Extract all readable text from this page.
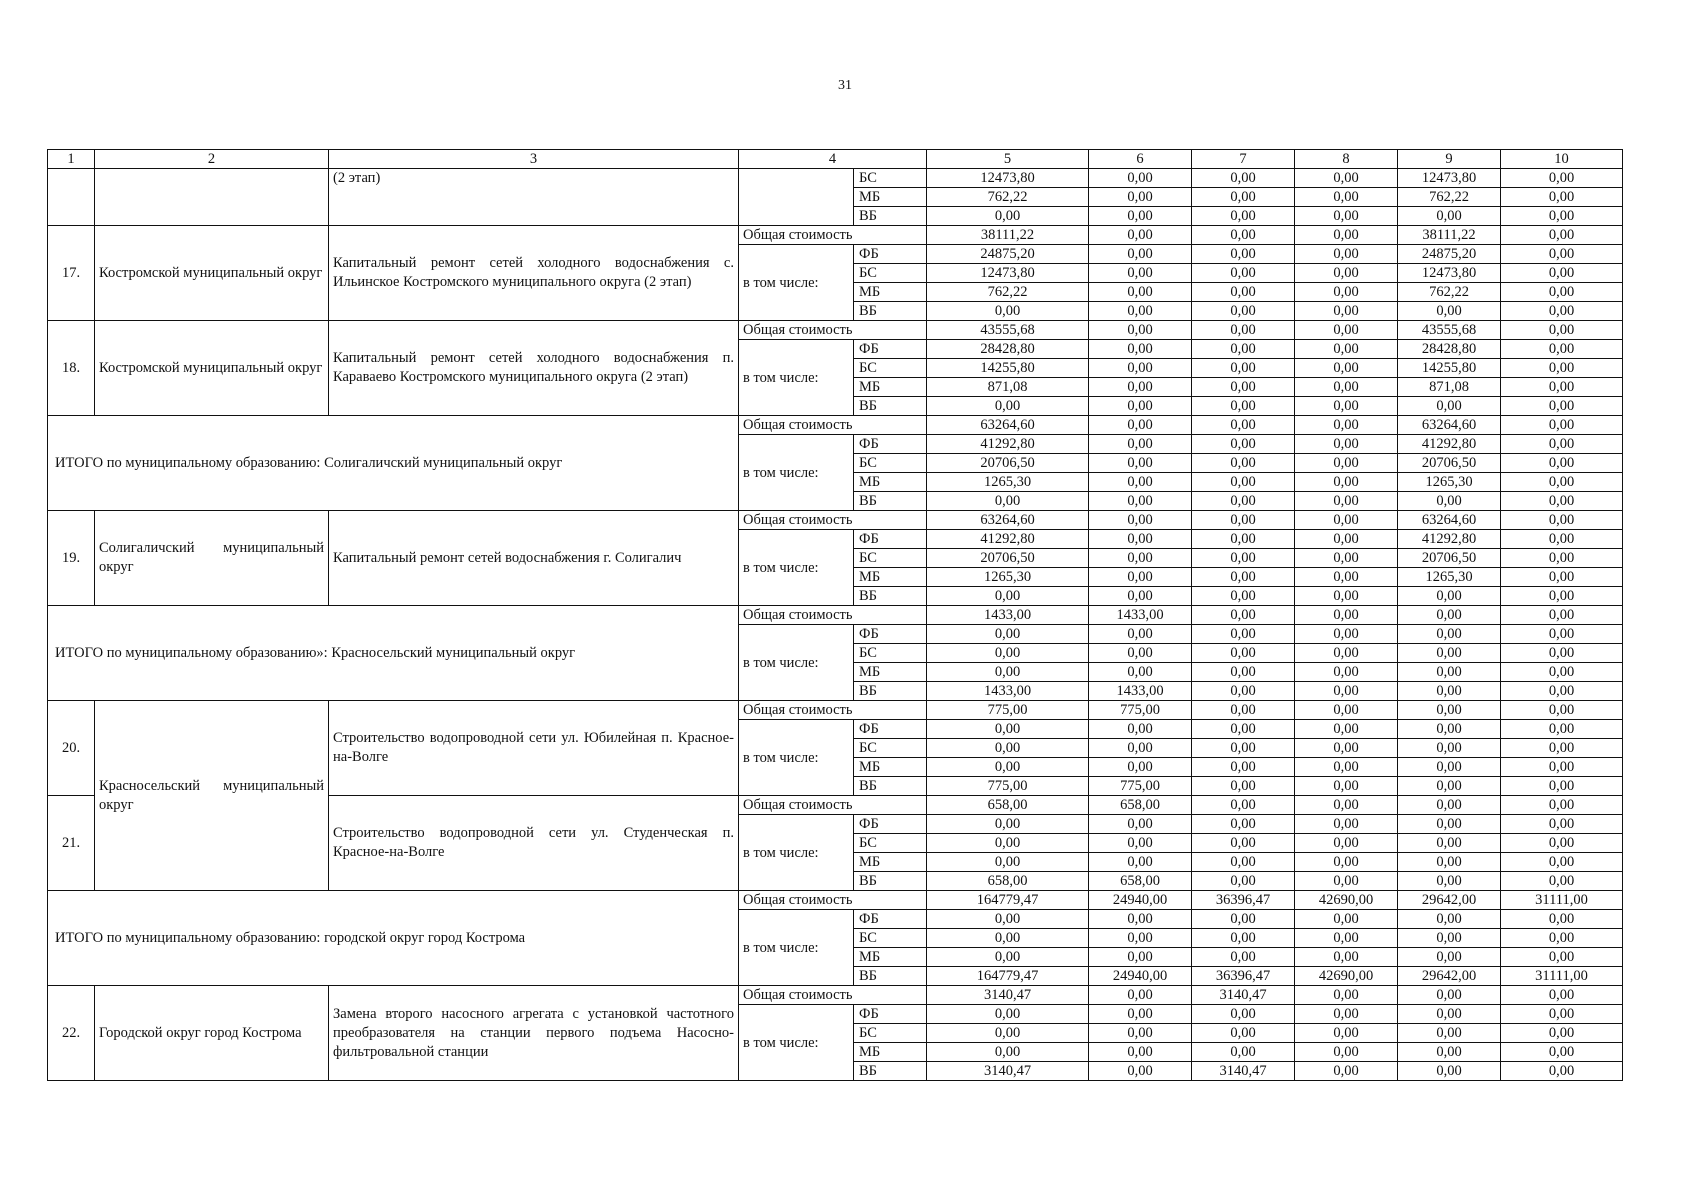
31
1	2	3	4		5	6	7	8	9	10
		(2 этап)		БС	12473,80	0,00	0,00	0,00	12473,80	0,00
				МБ	762,22	0,00	0,00	0,00	762,22	0,00
				ВБ	0,00	0,00	0,00	0,00	0,00	0,00
17.	Костромской муниципальный округ	Капитальный ремонт сетей холодного водоснабжения с. Ильинское Костромского муниципального округа (2 этап)	Общая стоимость		38111,22	0,00	0,00	0,00	38111,22	0,00
			в том числе:	ФБ	24875,20	0,00	0,00	0,00	24875,20	0,00
				БС	12473,80	0,00	0,00	0,00	12473,80	0,00
				МБ	762,22	0,00	0,00	0,00	762,22	0,00
				ВБ	0,00	0,00	0,00	0,00	0,00	0,00
18.	Костромской муниципальный округ	Капитальный ремонт сетей холодного водоснабжения п. Караваево Костромского муниципального округа (2 этап)	Общая стоимость		43555,68	0,00	0,00	0,00	43555,68	0,00
			в том числе:	ФБ	28428,80	0,00	0,00	0,00	28428,80	0,00
				БС	14255,80	0,00	0,00	0,00	14255,80	0,00
				МБ	871,08	0,00	0,00	0,00	871,08	0,00
				ВБ	0,00	0,00	0,00	0,00	0,00	0,00
ИТОГО по муниципальному образованию: Солигаличский муниципальный округ			Общая стоимость		63264,60	0,00	0,00	0,00	63264,60	0,00
			в том числе:	ФБ	41292,80	0,00	0,00	0,00	41292,80	0,00
				БС	20706,50	0,00	0,00	0,00	20706,50	0,00
				МБ	1265,30	0,00	0,00	0,00	1265,30	0,00
				ВБ	0,00	0,00	0,00	0,00	0,00	0,00
19.	Солигаличский муниципальный округ	Капитальный ремонт сетей водоснабжения г. Солигалич	Общая стоимость		63264,60	0,00	0,00	0,00	63264,60	0,00
			в том числе:	ФБ	41292,80	0,00	0,00	0,00	41292,80	0,00
				БС	20706,50	0,00	0,00	0,00	20706,50	0,00
				МБ	1265,30	0,00	0,00	0,00	1265,30	0,00
				ВБ	0,00	0,00	0,00	0,00	0,00	0,00
ИТОГО по муниципальному образованию»: Красносельский муниципальный округ			Общая стоимость		1433,00	1433,00	0,00	0,00	0,00	0,00
			в том числе:	ФБ	0,00	0,00	0,00	0,00	0,00	0,00
				БС	0,00	0,00	0,00	0,00	0,00	0,00
				МБ	0,00	0,00	0,00	0,00	0,00	0,00
				ВБ	1433,00	1433,00	0,00	0,00	0,00	0,00
20.	Красносельский муниципальный округ	Строительство водопроводной сети ул. Юбилейная п. Красное-на-Волге	Общая стоимость		775,00	775,00	0,00	0,00	0,00	0,00
			в том числе:	ФБ	0,00	0,00	0,00	0,00	0,00	0,00
				БС	0,00	0,00	0,00	0,00	0,00	0,00
				МБ	0,00	0,00	0,00	0,00	0,00	0,00
				ВБ	775,00	775,00	0,00	0,00	0,00	0,00
21.		Строительство водопроводной сети ул. Студенческая п. Красное-на-Волге	Общая стоимость		658,00	658,00	0,00	0,00	0,00	0,00
			в том числе:	ФБ	0,00	0,00	0,00	0,00	0,00	0,00
				БС	0,00	0,00	0,00	0,00	0,00	0,00
				МБ	0,00	0,00	0,00	0,00	0,00	0,00
				ВБ	658,00	658,00	0,00	0,00	0,00	0,00
ИТОГО по муниципальному образованию: городской округ город Кострома			Общая стоимость		164779,47	24940,00	36396,47	42690,00	29642,00	31111,00
			в том числе:	ФБ	0,00	0,00	0,00	0,00	0,00	0,00
				БС	0,00	0,00	0,00	0,00	0,00	0,00
				МБ	0,00	0,00	0,00	0,00	0,00	0,00
				ВБ	164779,47	24940,00	36396,47	42690,00	29642,00	31111,00
22.	Городской округ город Кострома	Замена второго насосного агрегата с установкой частотного преобразователя на станции первого подъема Насосно-фильтровальной станции	Общая стоимость		3140,47	0,00	3140,47	0,00	0,00	0,00
			в том числе:	ФБ	0,00	0,00	0,00	0,00	0,00	0,00
				БС	0,00	0,00	0,00	0,00	0,00	0,00
				МБ	0,00	0,00	0,00	0,00	0,00	0,00
				ВБ	3140,47	0,00	3140,47	0,00	0,00	0,00
